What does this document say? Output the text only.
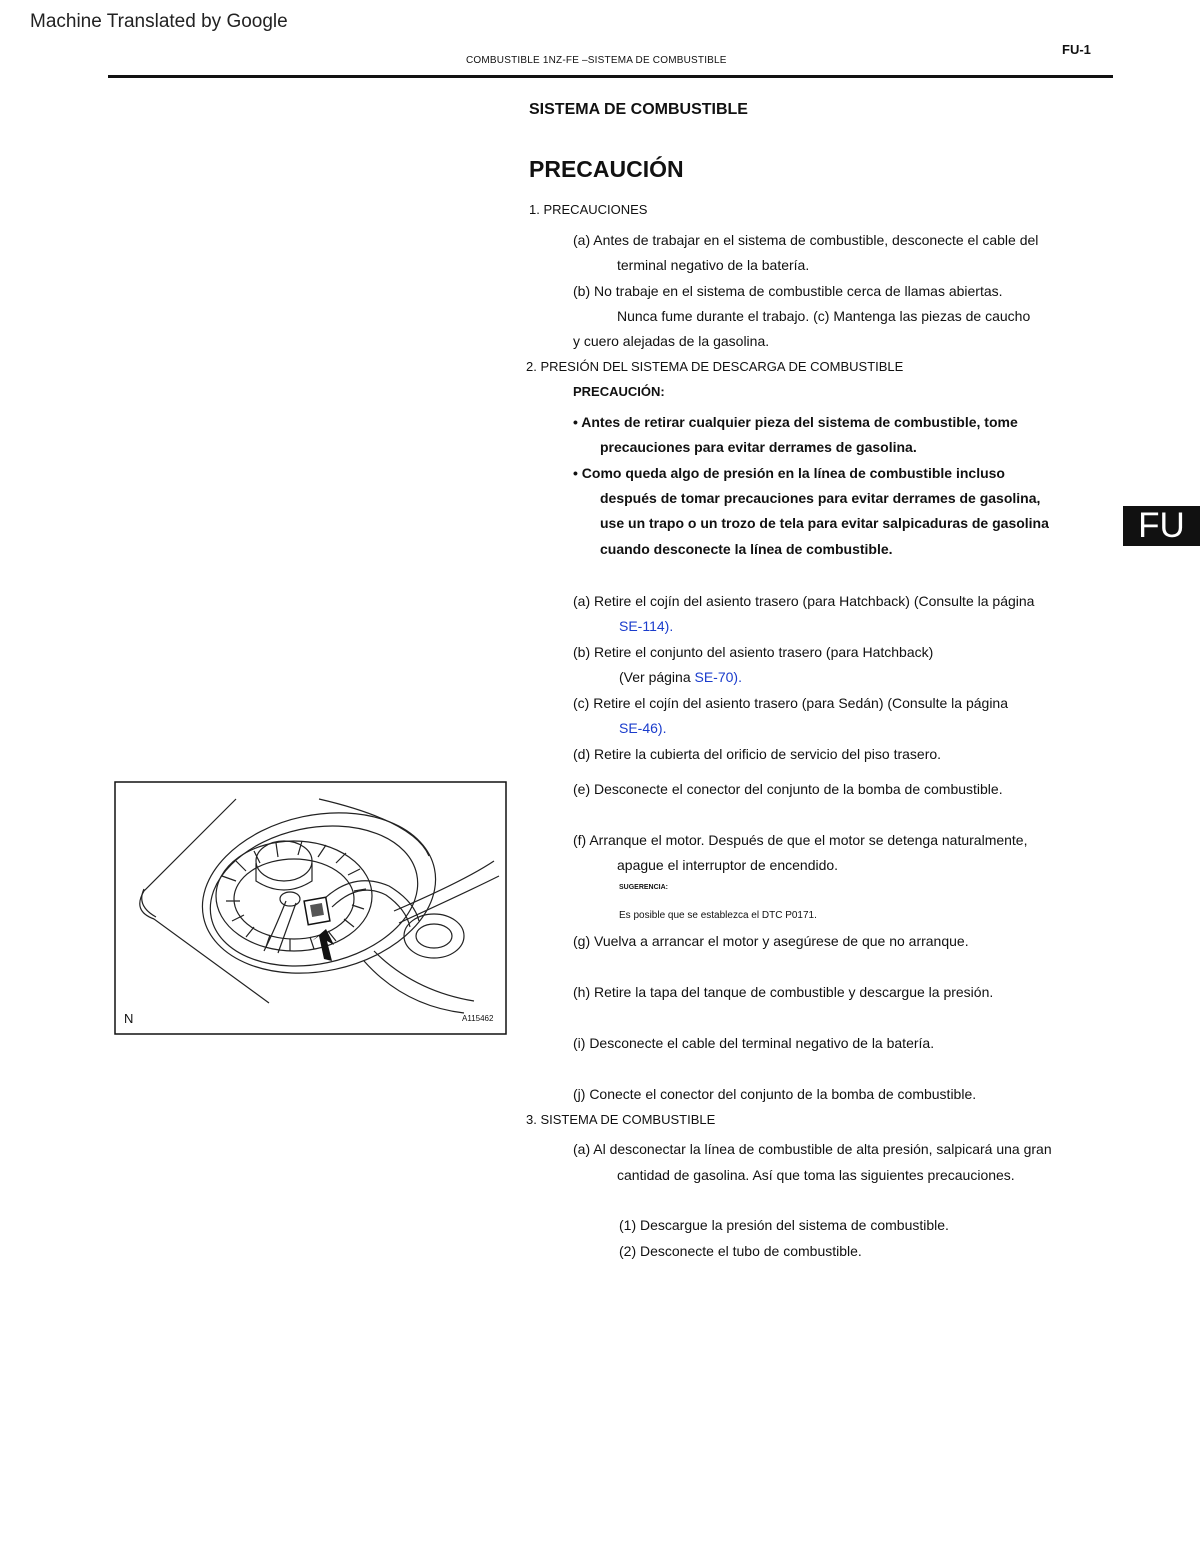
Machine Translated by Google
COMBUSTIBLE 1NZ-FE –SISTEMA DE COMBUSTIBLE
FU-1
SISTEMA DE COMBUSTIBLE
PRECAUCIÓN
1. PRECAUCIONES
(a) Antes de trabajar en el sistema de combustible, desconecte el cable del
terminal negativo de la batería.
(b) No trabaje en el sistema de combustible cerca de llamas abiertas.
Nunca fume durante el trabajo. (c) Mantenga las piezas de caucho
y cuero alejadas de la gasolina.
2. PRESIÓN DEL SISTEMA DE DESCARGA DE COMBUSTIBLE
PRECAUCIÓN:
• Antes de retirar cualquier pieza del sistema de combustible, tome
precauciones para evitar derrames de gasolina.
• Como queda algo de presión en la línea de combustible incluso
después de tomar precauciones para evitar derrames de gasolina,
use un trapo o un trozo de tela para evitar salpicaduras de gasolina
cuando desconecte la línea de combustible.
(a) Retire el cojín del asiento trasero (para Hatchback) (Consulte la página
SE-114).
(b) Retire el conjunto del asiento trasero (para Hatchback)
(Ver página SE-70).
(c) Retire el cojín del asiento trasero (para Sedán) (Consulte la página
SE-46).
(d) Retire la cubierta del orificio de servicio del piso trasero.
(e) Desconecte el conector del conjunto de la bomba de combustible.
(f) Arranque el motor. Después de que el motor se detenga naturalmente,
apague el interruptor de encendido.
SUGERENCIA:
Es posible que se establezca el DTC P0171.
(g) Vuelva a arrancar el motor y asegúrese de que no arranque.
(h) Retire la tapa del tanque de combustible y descargue la presión.
(i) Desconecte el cable del terminal negativo de la batería.
(j) Conecte el conector del conjunto de la bomba de combustible.
3. SISTEMA DE COMBUSTIBLE
(a) Al desconectar la línea de combustible de alta presión, salpicará una gran
cantidad de gasolina. Así que toma las siguientes precauciones.
(1) Descargue la presión del sistema de combustible.
(2) Desconecte el tubo de combustible.
FU
N	A115462
